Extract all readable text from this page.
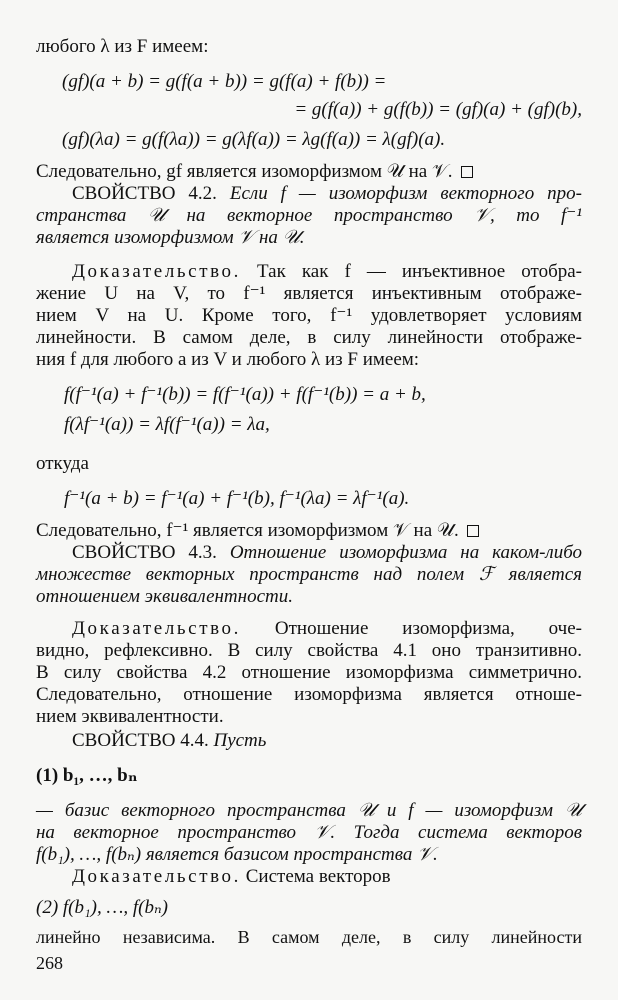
любого λ из F имеем:

(gf)(a + b) = g(f(a + b)) = g(f(a) + f(b)) =

= g(f(a)) + g(f(b)) = (gf)(a) + (gf)(b),

(gf)(λa) = g(f(λa)) = g(λf(a)) = λg(f(a)) = λ(gf)(a).

Следовательно, gf является изоморфизмом 𝒰 на 𝒱.

СВОЙСТВО 4.2. Если f — изоморфизм векторного про-

странства 𝒰 на векторное пространство 𝒱, то f⁻¹

является изоморфизмом 𝒱 на 𝒰.

Доказательство. Так как f — инъективное отобра-

жение U на V, то f⁻¹ является инъективным отображе-

нием V на U. Кроме того, f⁻¹ удовлетворяет условиям

линейности. В самом деле, в силу линейности отображе-

ния f для любого a из V и любого λ из F имеем:

f(f⁻¹(a) + f⁻¹(b)) = f(f⁻¹(a)) + f(f⁻¹(b)) = a + b,

f(λf⁻¹(a)) = λf(f⁻¹(a)) = λa,

откуда

f⁻¹(a + b) = f⁻¹(a) + f⁻¹(b), f⁻¹(λa) = λf⁻¹(a).

Следовательно, f⁻¹ является изоморфизмом 𝒱 на 𝒰.

СВОЙСТВО 4.3. Отношение изоморфизма на каком-либо

множестве векторных пространств над полем ℱ является

отношением эквивалентности.

Доказательство. Отношение изоморфизма, оче-

видно, рефлексивно. В силу свойства 4.1 оно транзитивно.

В силу свойства 4.2 отношение изоморфизма симметрично.

Следовательно, отношение изоморфизма является отноше-

нием эквивалентности.

СВОЙСТВО 4.4. Пусть

(1) b₁, …, bₙ

— базис векторного пространства 𝒰 и f — изоморфизм 𝒰

на векторное пространство 𝒱. Тогда система векторов

f(b₁), …, f(bₙ) является базисом пространства 𝒱.

Доказательство. Система векторов

(2) f(b₁), …, f(bₙ)

линейно независима. В самом деле, в силу линейности

268
